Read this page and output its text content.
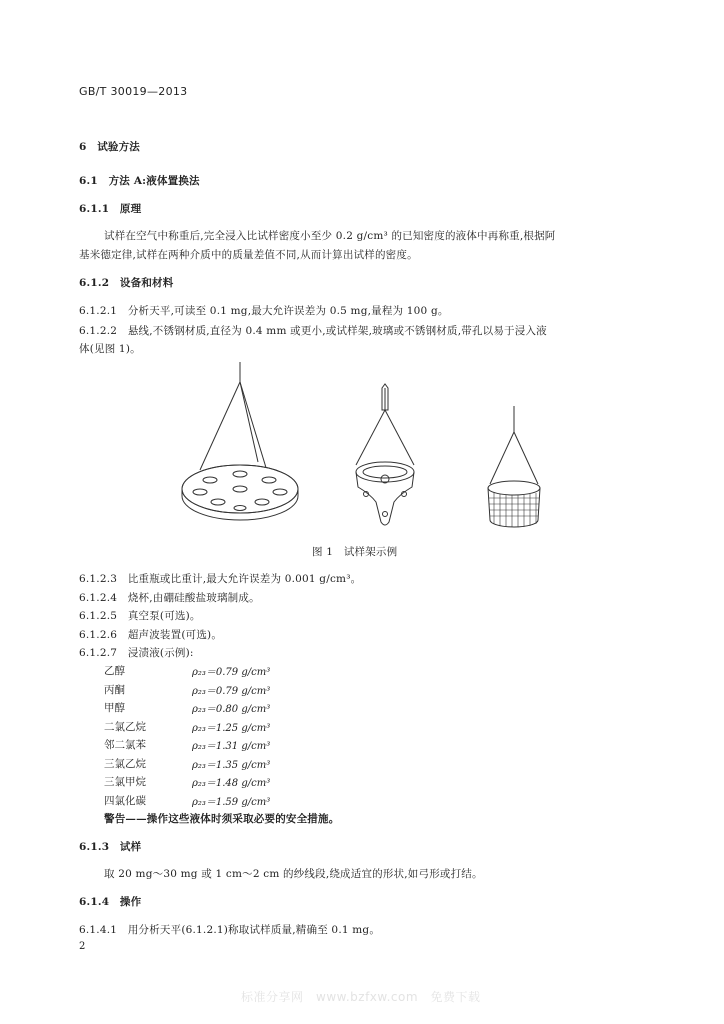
GB/T 30019—2013
6　试验方法
6.1　方法 A:液体置换法
6.1.1　原理
试样在空气中称重后,完全浸入比试样密度小至少 0.2 g/cm³ 的已知密度的液体中再称重,根据阿
基米德定律,试样在两种介质中的质量差值不同,从而计算出试样的密度。
6.1.2　设备和材料
6.1.2.1　分析天平,可读至 0.1 mg,最大允许误差为 0.5 mg,量程为 100 g。
6.1.2.2　悬线,不锈钢材质,直径为 0.4 mm 或更小,或试样架,玻璃或不锈钢材质,带孔以易于浸入液
体(见图 1)。
图 1　试样架示例
6.1.2.3　比重瓶或比重计,最大允许误差为 0.001 g/cm³。
6.1.2.4　烧杯,由硼硅酸盐玻璃制成。
6.1.2.5　真空泵(可选)。
6.1.2.6　超声波装置(可选)。
6.1.2.7　浸渍液(示例):
乙醇	ρ₂₃＝0.79 g/cm³
丙酮	ρ₂₃＝0.79 g/cm³
甲醇	ρ₂₃＝0.80 g/cm³
二氯乙烷	ρ₂₃＝1.25 g/cm³
邻二氯苯	ρ₂₃＝1.31 g/cm³
三氯乙烷	ρ₂₃＝1.35 g/cm³
三氯甲烷	ρ₂₃＝1.48 g/cm³
四氯化碳	ρ₂₃＝1.59 g/cm³
警告——操作这些液体时须采取必要的安全措施。
6.1.3　试样
取 20 mg～30 mg 或 1 cm～2 cm 的纱线段,绕成适宜的形状,如弓形或打结。
6.1.4　操作
6.1.4.1　用分析天平(6.1.2.1)称取试样质量,精确至 0.1 mg。
2
标准分享网　www.bzfxw.com　免费下载
